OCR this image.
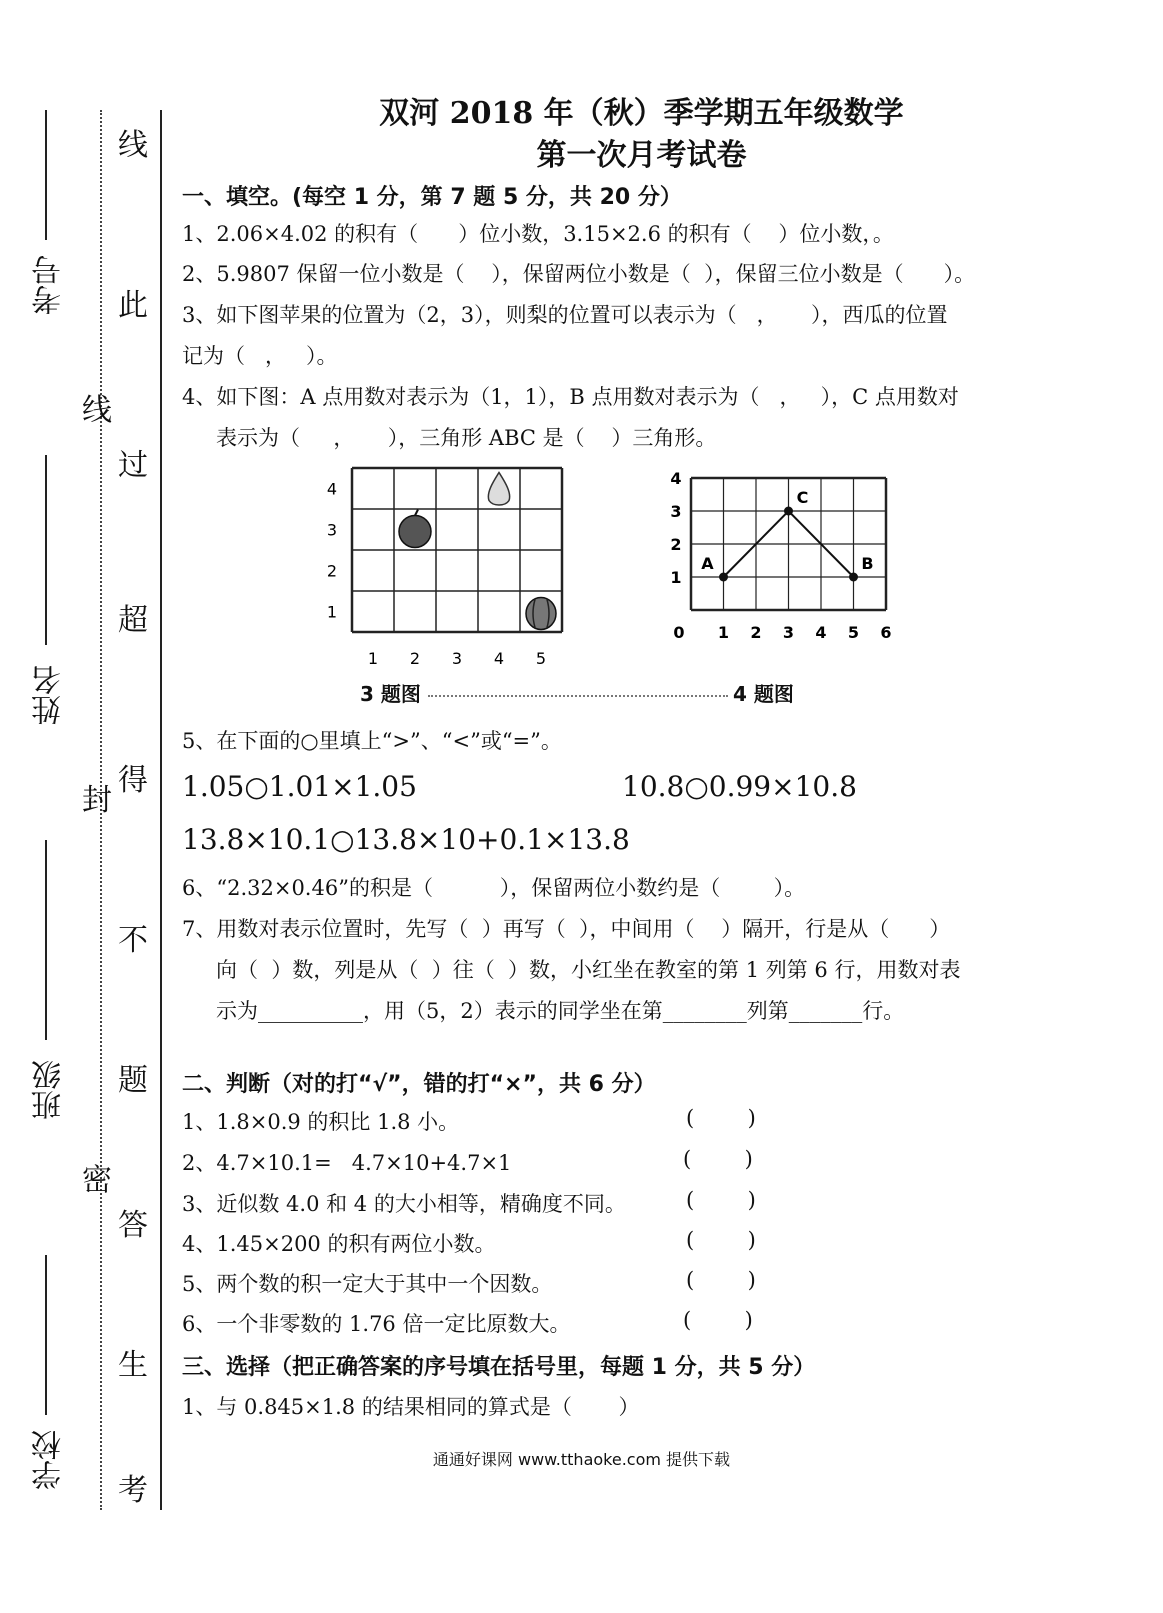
考号
姓名
班级
学校
线
此
线
过
超
封
得
不
题
密
答
生
考
双河 2018 年（秋）季学期五年级数学
第一次月考试卷
一、填空。(每空 1 分，第 7 题 5 分，共 20 分）
1、2.06×4.02 的积有（      ）位小数，3.15×2.6 的积有（    ）位小数，。
2、5.9807 保留一位小数是（    ），保留两位小数是（  ），保留三位小数是（      ）。
3、如下图苹果的位置为（2，3），则梨的位置可以表示为（   ，     ），西瓜的位置
记为（   ，   ）。
4、如下图：A 点用数对表示为（1，1），B 点用数对表示为（   ，   ），C 点用数对
表示为（     ，     ），三角形 ABC 是（    ）三角形。
1 2 3 4 5
1
2
3
4
0 1 2 3 4 5 6
1
2
3
4
A	B
C
3 题图	4 题图
5、在下面的○里填上“>”、“<”或“=”。
1.05○1.01×1.05	10.8○0.99×10.8
13.8×10.1○13.8×10+0.1×13.8
6、“2.32×0.46”的积是（          ），保留两位小数约是（        ）。
7、用数对表示位置时，先写（  ）再写（  ），中间用（    ）隔开，行是从（      ）
向（  ）数，列是从（  ）往（  ）数，小红坐在教室的第 1 列第 6 行，用数对表
示为__________，用（5，2）表示的同学坐在第________列第_______行。
二、判断（对的打“√”，错的打“×”，共 6 分）
1、1.8×0.9 的积比 1.8 小。	(        )
2、4.7×10.1=   4.7×10+4.7×1	(        )
3、近似数 4.0 和 4 的大小相等，精确度不同。	(        )
4、1.45×200 的积有两位小数。	(        )
5、两个数的积一定大于其中一个因数。	(        )
6、一个非零数的 1.76 倍一定比原数大。	(        )
三、选择（把正确答案的序号填在括号里，每题 1 分，共 5 分）
1、与 0.845×1.8 的结果相同的算式是（       ）
通通好课网 www.tthaoke.com 提供下载
